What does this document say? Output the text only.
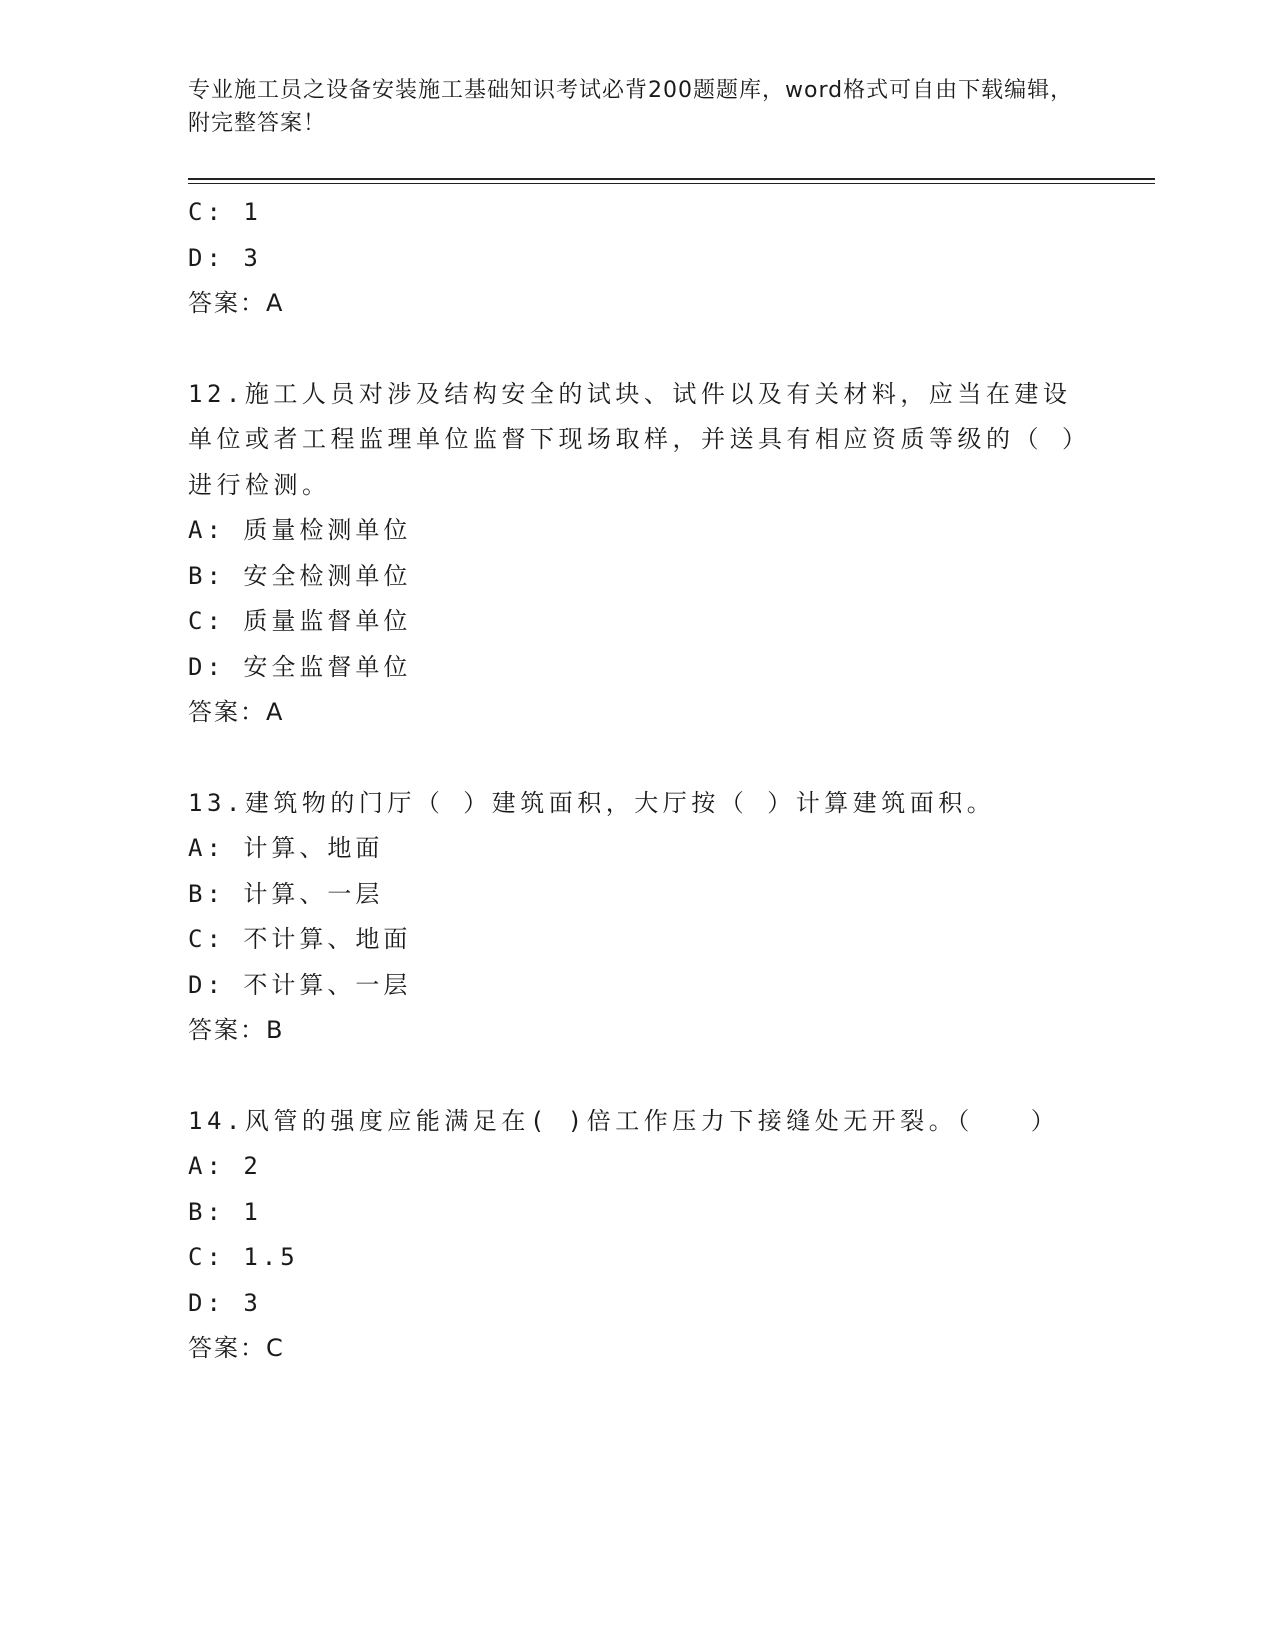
专业施工员之设备安装施工基础知识考试必背200题题库，word格式可自由下载编辑，附完整答案！
C: 1
D: 3
答案：A
12.施工人员对涉及结构安全的试块、试件以及有关材料，应当在建设单位或者工程监理单位监督下现场取样，并送具有相应资质等级的（ ）进行检测。
A: 质量检测单位
B: 安全检测单位
C: 质量监督单位
D: 安全监督单位
答案：A
13.建筑物的门厅（ ）建筑面积，大厅按（ ）计算建筑面积。
A: 计算、地面
B: 计算、一层
C: 不计算、地面
D: 不计算、一层
答案：B
14.风管的强度应能满足在( )倍工作压力下接缝处无开裂。（　　）
A: 2
B: 1
C: 1.5
D: 3
答案：C
